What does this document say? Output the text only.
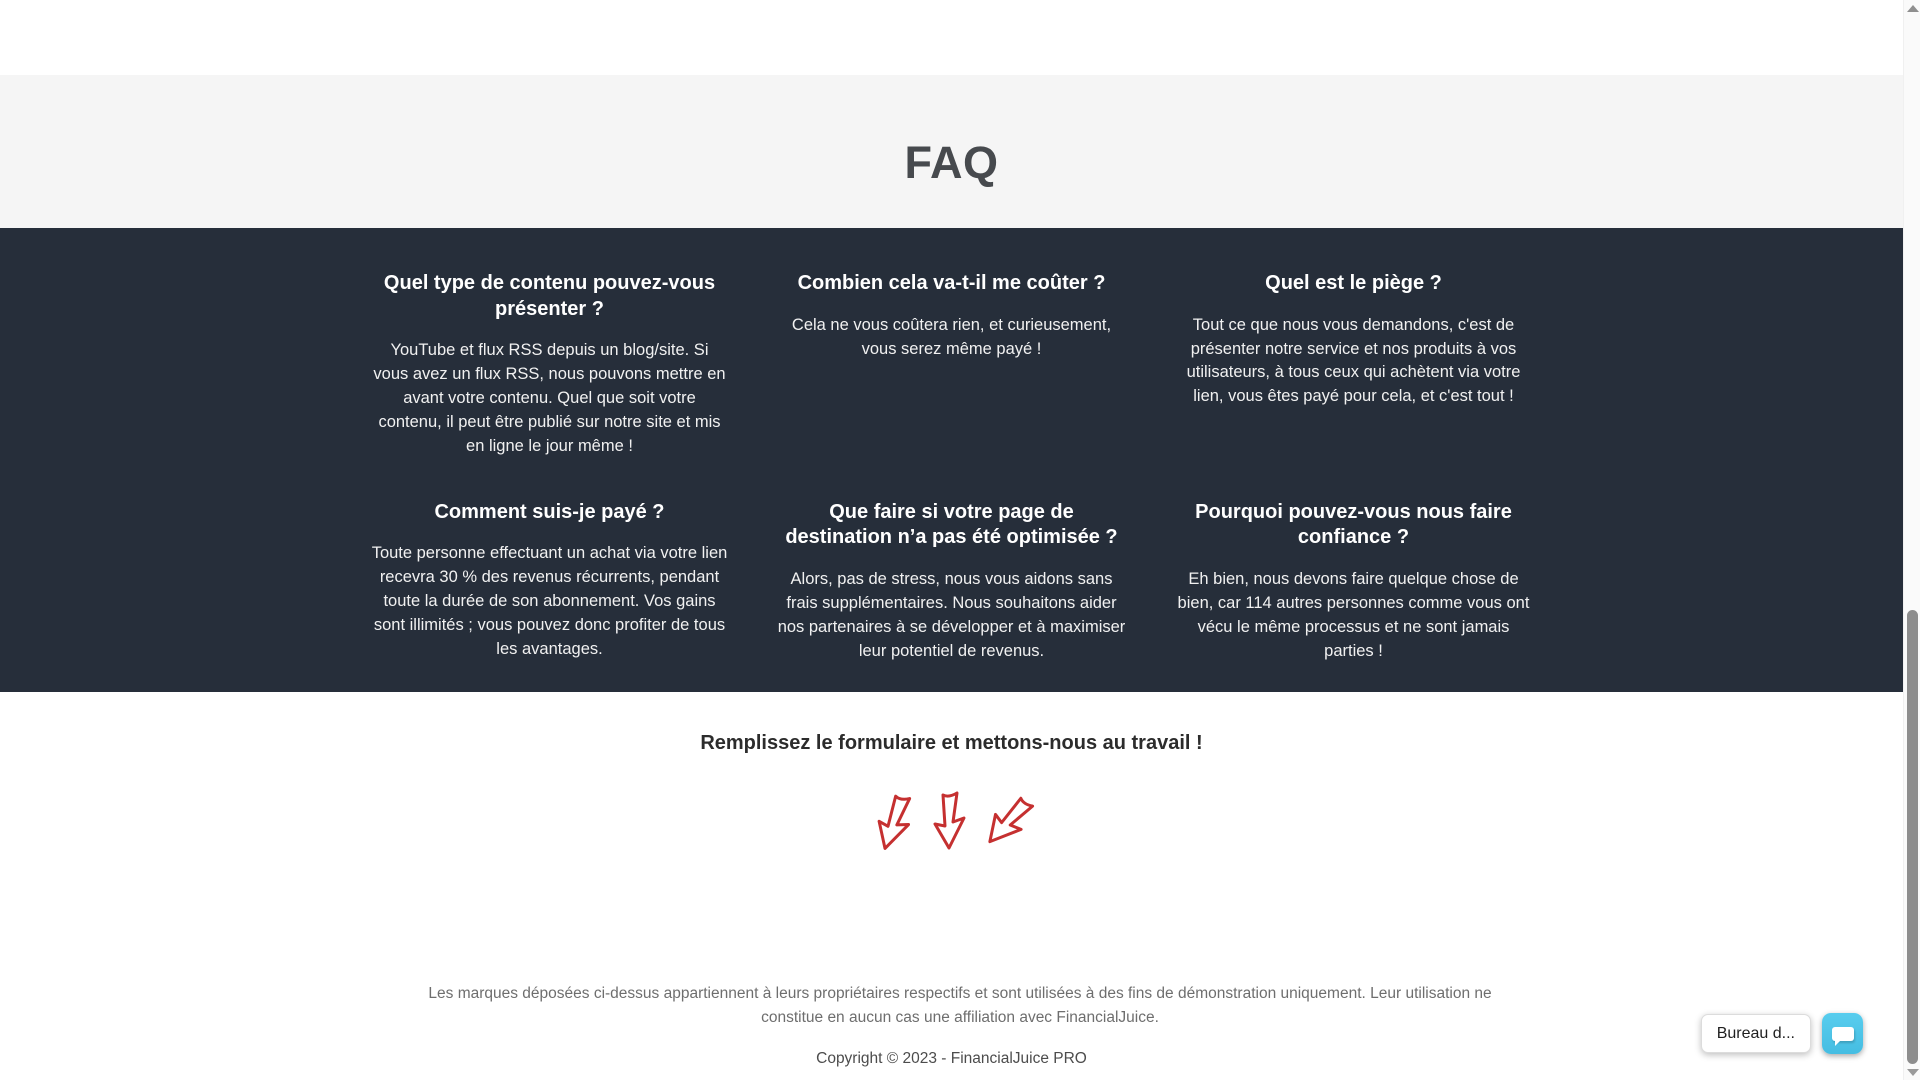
FAQ
Quel type de contenu pouvez-vous présenter ?

YouTube et flux RSS depuis un blog/site. Si vous avez un flux RSS, nous pouvons mettre en avant votre contenu. Quel que soit votre contenu, il peut être publié sur notre site et mis en ligne le jour même !

Combien cela va-t-il me coûter ?

Cela ne vous coûtera rien, et curieusement, vous serez même payé !

Quel est le piège ?

Tout ce que nous vous demandons, c'est de présenter notre service et nos produits à vos utilisateurs, à tous ceux qui achètent via votre lien, vous êtes payé pour cela, et c'est tout !

Comment suis-je payé ?

Toute personne effectuant un achat via votre lien recevra 30 % des revenus récurrents, pendant toute la durée de son abonnement. Vos gains sont illimités ; vous pouvez donc profiter de tous les avantages.

Que faire si votre page de destination n’a pas été optimisée ?

Alors, pas de stress, nous vous aidons sans frais supplémentaires. Nous souhaitons aider nos partenaires à se développer et à maximiser leur potentiel de revenus.

Pourquoi pouvez-vous nous faire confiance ?

Eh bien, nous devons faire quelque chose de bien, car 114 autres personnes comme vous ont vécu le même processus et ne sont jamais parties !

Remplissez le formulaire et mettons-nous au travail !

Les marques déposées ci-dessus appartiennent à leurs propriétaires respectifs et sont utilisées à des fins de démonstration uniquement. Leur utilisation ne constitue en aucun cas une affiliation avec FinancialJuice.

Copyright © 2023 - FinancialJuice PRO

Bureau d...
